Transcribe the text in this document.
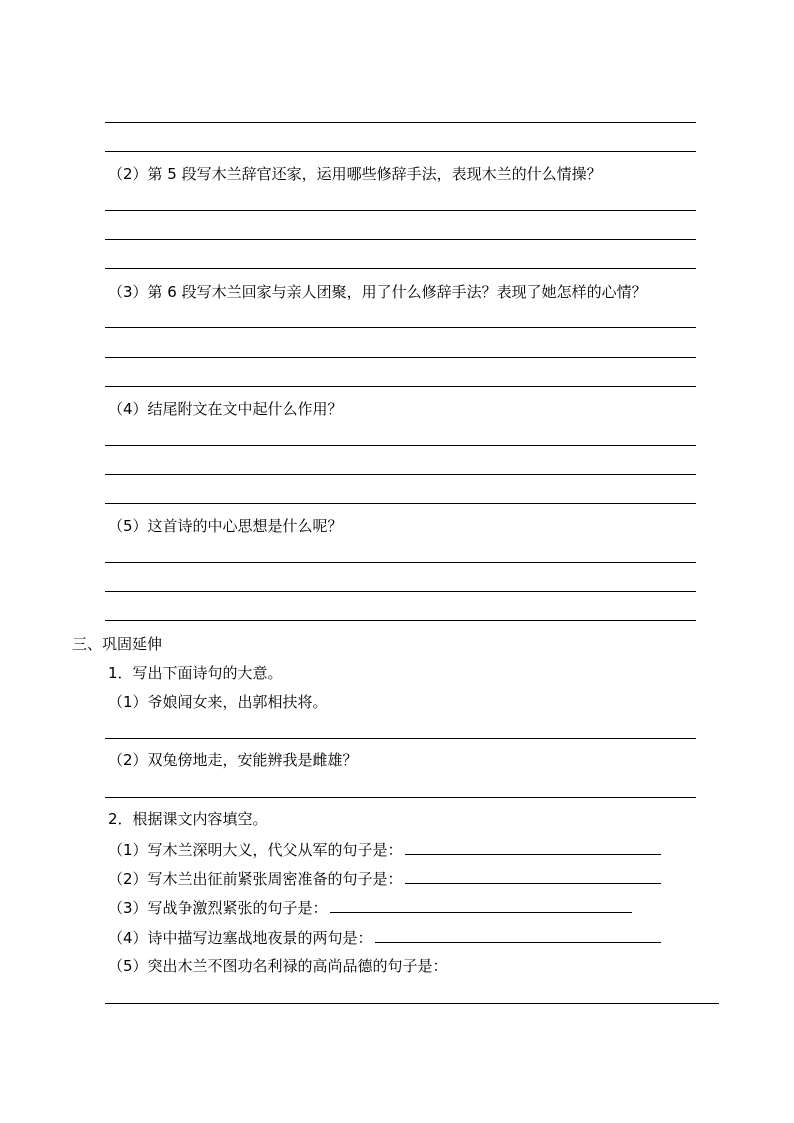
（2）第 5 段写木兰辞官还家，运用哪些修辞手法，表现木兰的什么情操？
（3）第 6 段写木兰回家与亲人团聚，用了什么修辞手法？表现了她怎样的心情？
（4）结尾附文在文中起什么作用？
（5）这首诗的中心思想是什么呢？
三、巩固延伸
1．写出下面诗句的大意。
（1）爷娘闻女来，出郭相扶将。
（2）双兔傍地走，安能辨我是雌雄？
2．根据课文内容填空。
（1）写木兰深明大义，代父从军的句子是：
（2）写木兰出征前紧张周密准备的句子是：
（3）写战争激烈紧张的句子是：
（4）诗中描写边塞战地夜景的两句是：
（5）突出木兰不图功名利禄的高尚品德的句子是：
